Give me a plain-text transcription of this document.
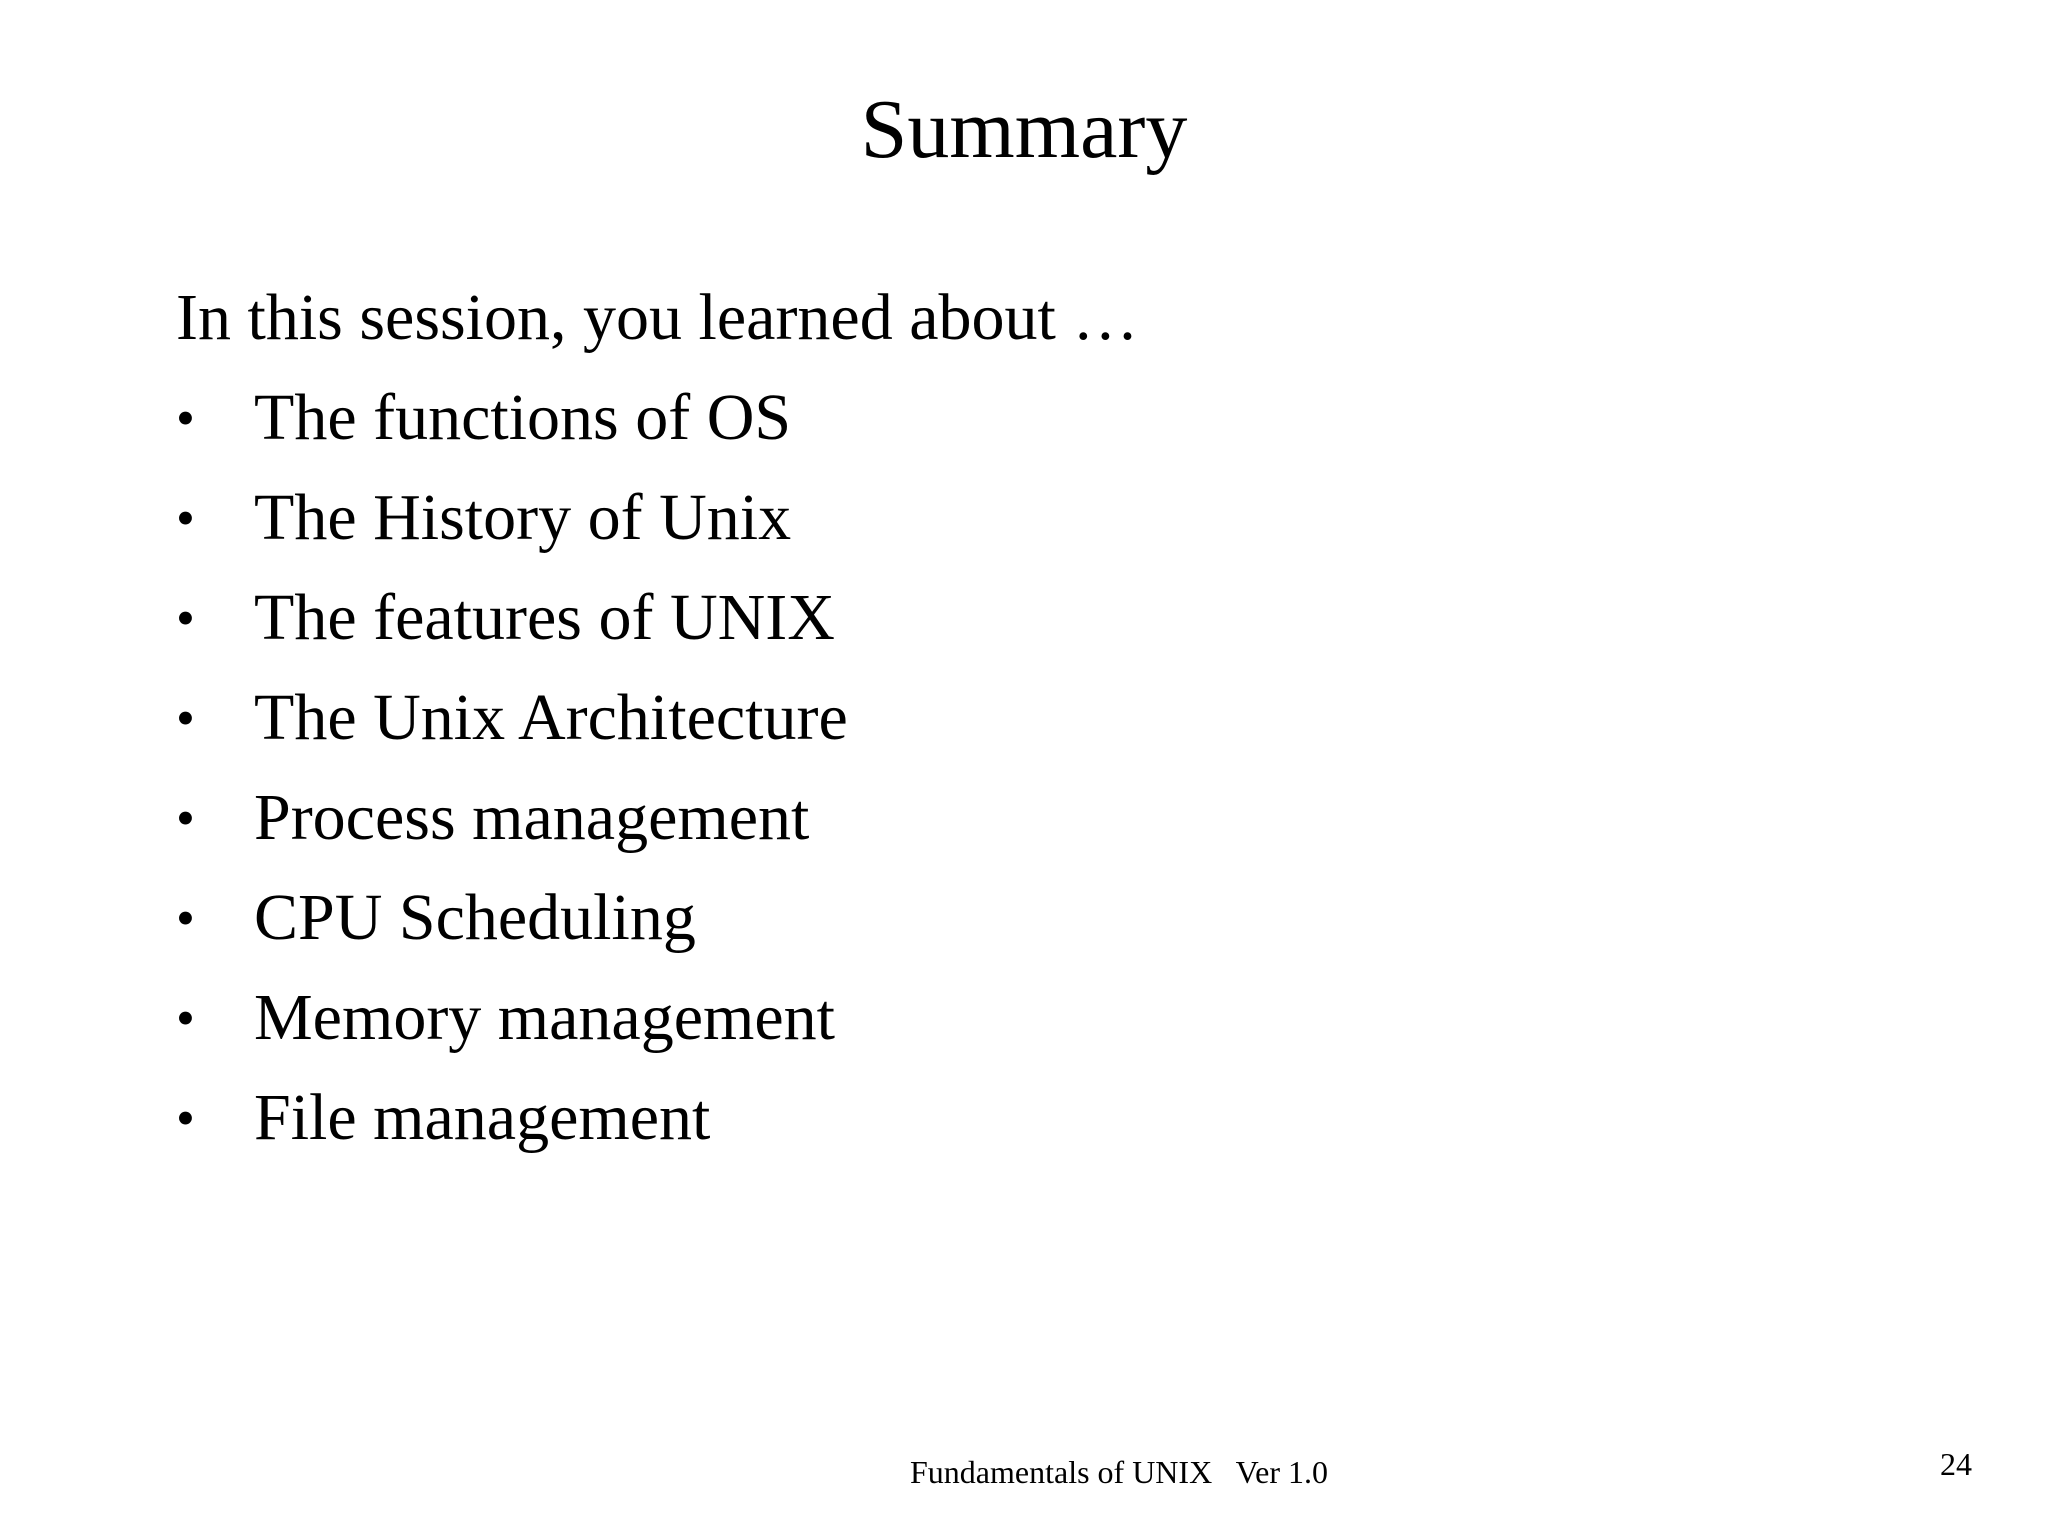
Summary
In this session, you learned about …
• The functions of OS
• The History of Unix
• The features of UNIX
• The Unix Architecture
• Process management
• CPU Scheduling
• Memory management
• File management
Fundamentals of UNIX   Ver 1.0	24
